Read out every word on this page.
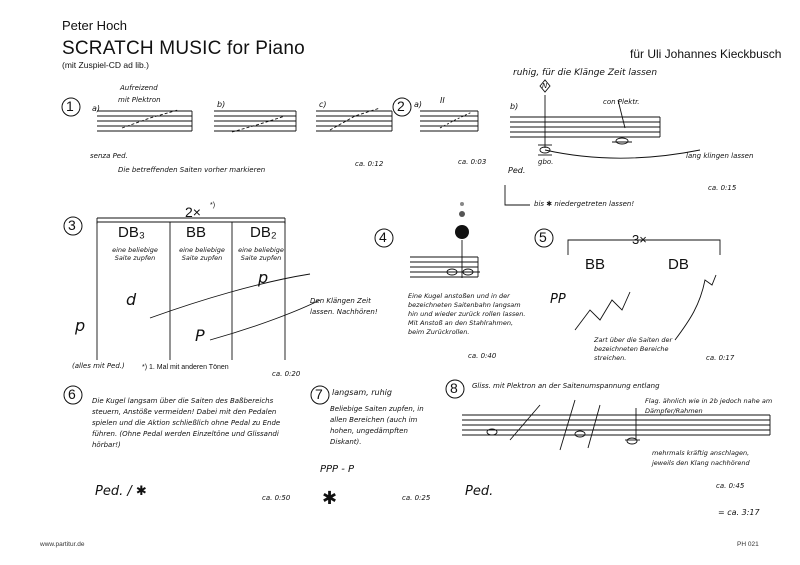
Peter Hoch
SCRATCH MUSIC for Piano
(mit Zuspiel-CD ad lib.)
für Uli Johannes Kieckbusch
1	2
3
4	5
6	7	8
a)	b)	c)
Aufreizend
mit Plektron
senza Ped.
Die betreffenden Saiten vorher markieren
ca. 0:12
a) II
ca. 0:03
b)
ruhig, für die Klänge Zeit lassen
N
con Plektr.
gbo.
lang klingen lassen
Ped.
bis ✱ niedergetreten lassen!
ca. 0:15
2× *)
DB₃	BB	DB₂
eine beliebige Saite zupfen
eine beliebige Saite zupfen
eine beliebige Saite zupfen
d
p
p
P
(alles mit Ped.) *) 1. Mal mit anderen Tönen
ca. 0:20
Den Klängen Zeit lassen. Nachhören!
Eine Kugel anstoßen und in der bezeichneten Saitenbahn langsam hin und wieder zurück rollen lassen. Mit Anstoß an den Stahlrahmen, beim Zurückrollen.
ca. 0:40
3×
BB	DB
PP
Zart über die Saiten der bezeichneten Bereiche streichen.	ca. 0:17
Die Kugel langsam über die Saiten des Baßbereichs steuern, Anstöße vermeiden! Dabei mit den Pedalen spielen und die Aktion schließlich ohne Pedal zu Ende führen. (Ohne Pedal werden Einzeltöne und Glissandi hörbar!)
Ped. / ✱	ca. 0:50
langsam, ruhig
Beliebige Saiten zupfen, in allen Bereichen (auch im hohen, ungedämpften Diskant).
PPP - P
✱	ca. 0:25
Gliss. mit Plektron an der Saitenumspannung entlang
Flag. ähnlich wie in 2b jedoch nahe am Dämpfer/Rahmen
mehrmals kräftig anschlagen, jeweils den Klang nachhörend
Ped.	ca. 0:45
= ca. 3:17
www.partitur.de	PH 021
